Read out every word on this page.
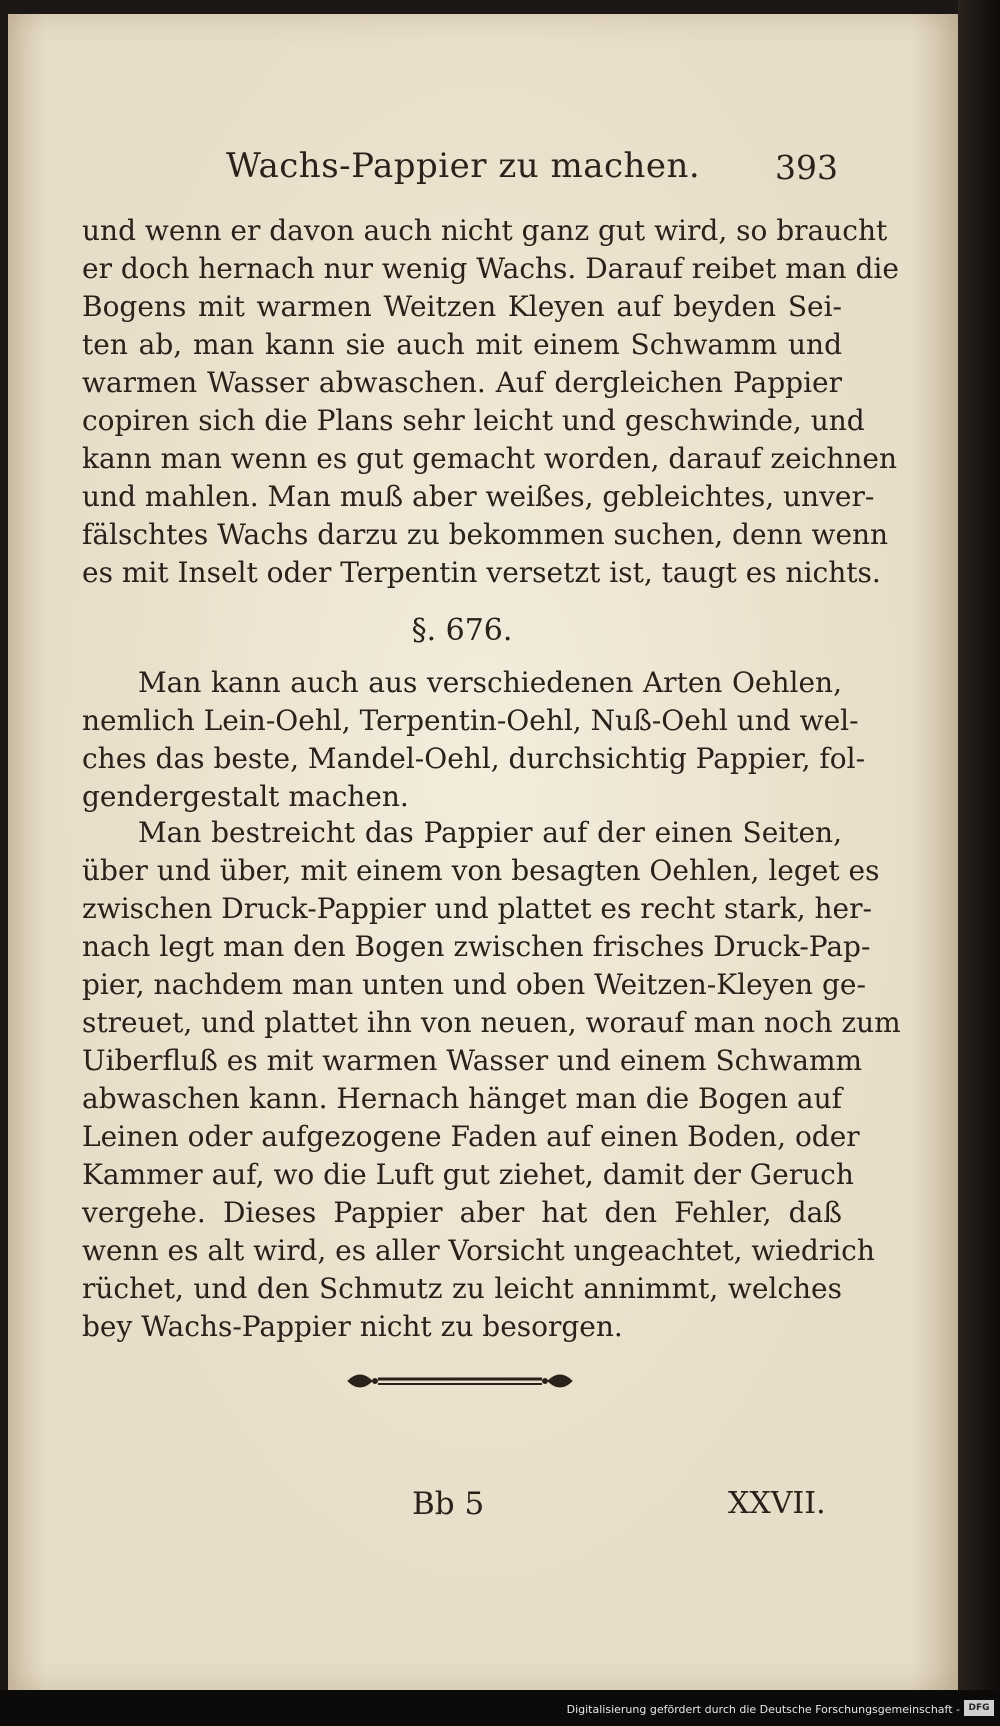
Wachs-Pappier zu machen. 393
und wenn er davon auch nicht ganz gut wird, so braucht
er doch hernach nur wenig Wachs. Darauf reibet man die
Bogens mit warmen Weitzen Kleyen auf beyden Sei-
ten ab, man kann sie auch mit einem Schwamm und
warmen Wasser abwaschen. Auf dergleichen Pappier
copiren sich die Plans sehr leicht und geschwinde, und
kann man wenn es gut gemacht worden, darauf zeichnen
und mahlen. Man muß aber weißes, gebleichtes, unver-
fälschtes Wachs darzu zu bekommen suchen, denn wenn
es mit Inselt oder Terpentin versetzt ist, taugt es nichts.
§. 676.
Man kann auch aus verschiedenen Arten Oehlen,
nemlich Lein-Oehl, Terpentin-Oehl, Nuß-Oehl und wel-
ches das beste, Mandel-Oehl, durchsichtig Pappier, fol-
gendergestalt machen.
Man bestreicht das Pappier auf der einen Seiten,
über und über, mit einem von besagten Oehlen, leget es
zwischen Druck-Pappier und plattet es recht stark, her-
nach legt man den Bogen zwischen frisches Druck-Pap-
pier, nachdem man unten und oben Weitzen-Kleyen ge-
streuet, und plattet ihn von neuen, worauf man noch zum
Uiberfluß es mit warmen Wasser und einem Schwamm
abwaschen kann. Hernach hänget man die Bogen auf
Leinen oder aufgezogene Faden auf einen Boden, oder
Kammer auf, wo die Luft gut ziehet, damit der Geruch
vergehe. Dieses Pappier aber hat den Fehler, daß
wenn es alt wird, es aller Vorsicht ungeachtet, wiedrich
rüchet, und den Schmutz zu leicht annimmt, welches
bey Wachs-Pappier nicht zu besorgen.
Bb 5	XXVII.
Digitalisierung gefördert durch die Deutsche Forschungsgemeinschaft - DFG
